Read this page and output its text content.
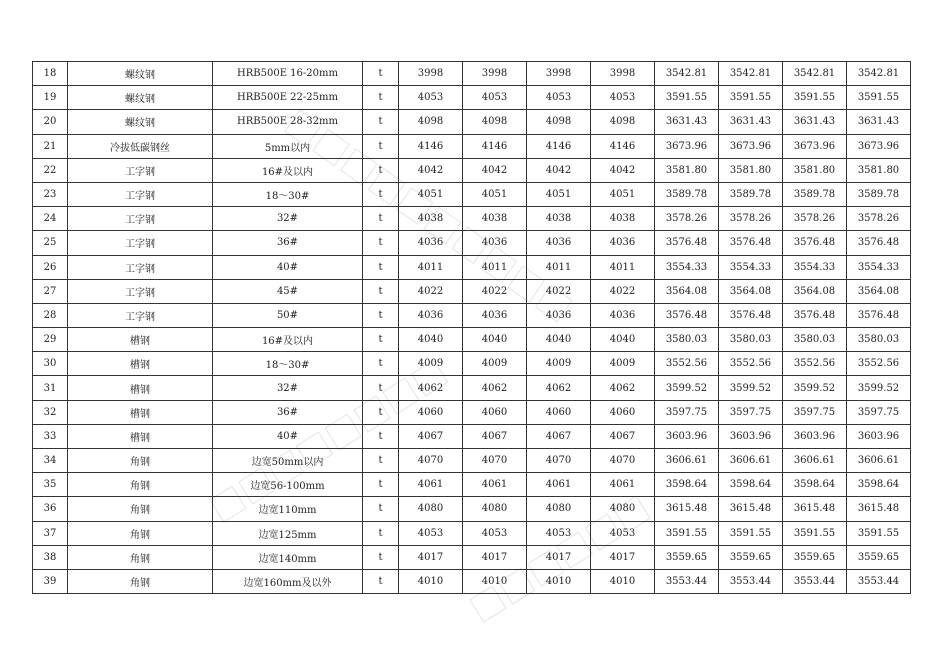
18	螺纹钢	HRB500E 16-20mm	t	3998	3998	3998	3998	3542.81	3542.81	3542.81	3542.81
19	螺纹钢	HRB500E 22-25mm	t	4053	4053	4053	4053	3591.55	3591.55	3591.55	3591.55
20	螺纹钢	HRB500E 28-32mm	t	4098	4098	4098	4098	3631.43	3631.43	3631.43	3631.43
21	冷拔低碳钢丝	5mm以内	t	4146	4146	4146	4146	3673.96	3673.96	3673.96	3673.96
22	工字钢	16#及以内	t	4042	4042	4042	4042	3581.80	3581.80	3581.80	3581.80
23	工字钢	18～30#	t	4051	4051	4051	4051	3589.78	3589.78	3589.78	3589.78
24	工字钢	32#	t	4038	4038	4038	4038	3578.26	3578.26	3578.26	3578.26
25	工字钢	36#	t	4036	4036	4036	4036	3576.48	3576.48	3576.48	3576.48
26	工字钢	40#	t	4011	4011	4011	4011	3554.33	3554.33	3554.33	3554.33
27	工字钢	45#	t	4022	4022	4022	4022	3564.08	3564.08	3564.08	3564.08
28	工字钢	50#	t	4036	4036	4036	4036	3576.48	3576.48	3576.48	3576.48
29	槽钢	16#及以内	t	4040	4040	4040	4040	3580.03	3580.03	3580.03	3580.03
30	槽钢	18～30#	t	4009	4009	4009	4009	3552.56	3552.56	3552.56	3552.56
31	槽钢	32#	t	4062	4062	4062	4062	3599.52	3599.52	3599.52	3599.52
32	槽钢	36#	t	4060	4060	4060	4060	3597.75	3597.75	3597.75	3597.75
33	槽钢	40#	t	4067	4067	4067	4067	3603.96	3603.96	3603.96	3603.96
34	角钢	边宽50mm以内	t	4070	4070	4070	4070	3606.61	3606.61	3606.61	3606.61
35	角钢	边宽56-100mm	t	4061	4061	4061	4061	3598.64	3598.64	3598.64	3598.64
36	角钢	边宽110mm	t	4080	4080	4080	4080	3615.48	3615.48	3615.48	3615.48
37	角钢	边宽125mm	t	4053	4053	4053	4053	3591.55	3591.55	3591.55	3591.55
38	角钢	边宽140mm	t	4017	4017	4017	4017	3559.65	3559.65	3559.65	3559.65
39	角钢	边宽160mm及以外	t	4010	4010	4010	4010	3553.44	3553.44	3553.44	3553.44
